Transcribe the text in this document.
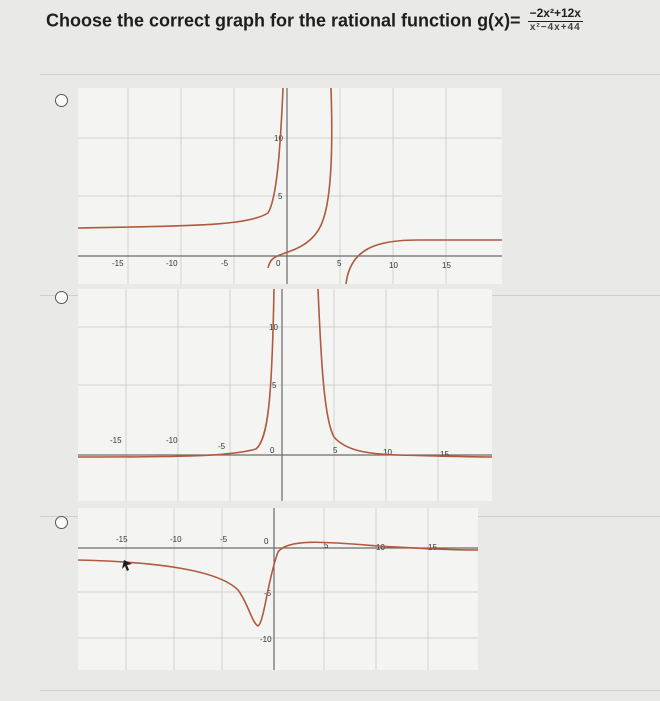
Choose the correct graph for the rational function $g(x)= \frac{\text{−2x²+12x}}{\text{x²−4x+44}}$
-15	-10	-5	0	5	10	15
5
10
-15	-10
-5	0	5	10	15
5
10
-15	-10	-5	0	5	10	15
-5
-10
